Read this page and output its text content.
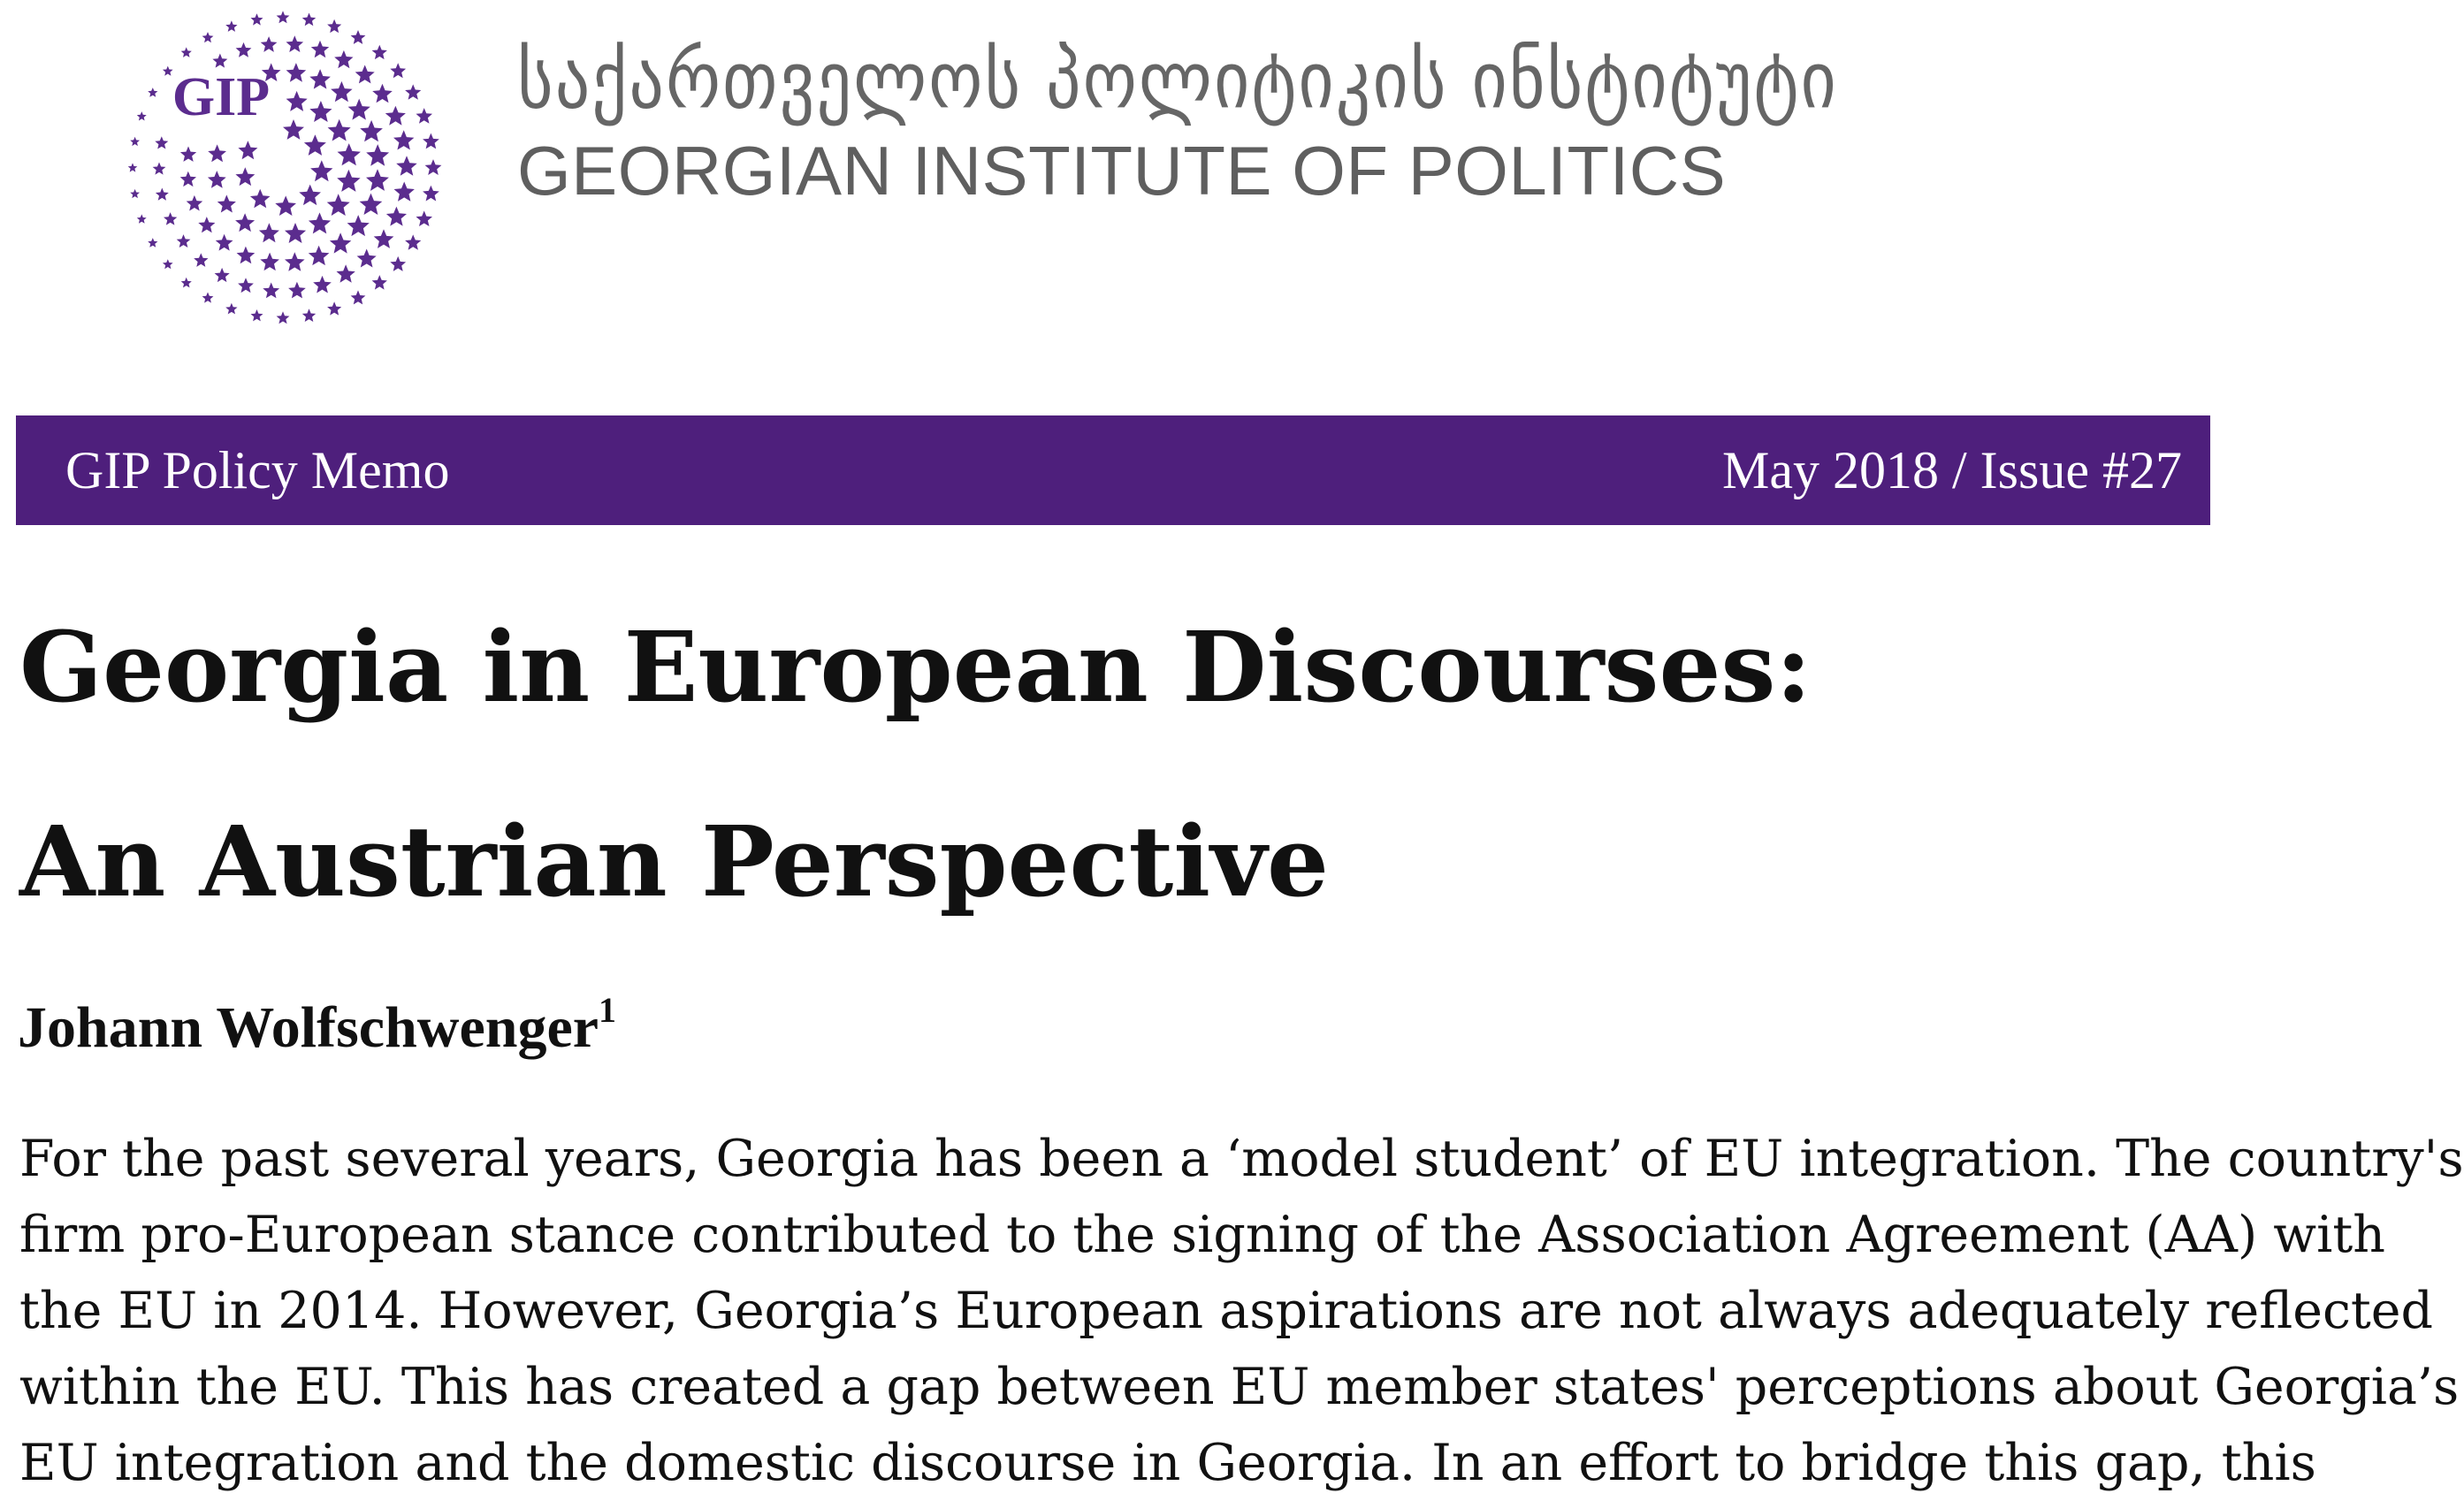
GIP	საქართველოს პოლიტიკის ინსტიტუტი
GEORGIAN INSTITUTE OF POLITICS
GIP Policy Memo	May 2018 / Issue #27
Georgia in European Discourses:
An Austrian Perspective
Johann Wolfschwenger$^1$
For the past several years, Georgia has been a ‘model student’ of EU integration. The country's
firm pro-European stance contributed to the signing of the Association Agreement (AA) with
the EU in 2014. However, Georgia’s European aspirations are not always adequately reflected
within the EU. This has created a gap between EU member states' perceptions about Georgia’s
EU integration and the domestic discourse in Georgia. In an effort to bridge this gap, this
